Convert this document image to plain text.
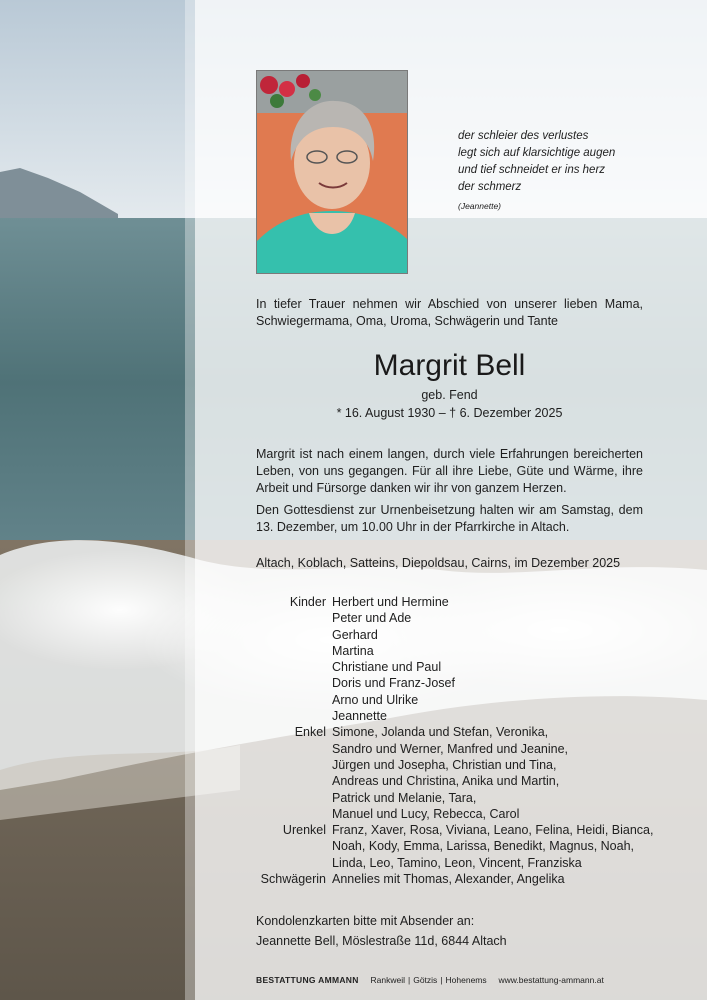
der schleier des verlustes
legt sich auf klarsichtige augen
und tief schneidet er ins herz
der schmerz
(Jeannette)
In tiefer Trauer nehmen wir Abschied von unserer lieben Mama, Schwiegermama, Oma, Uroma, Schwägerin und Tante
Margrit Bell
geb. Fend
* 16. August 1930 – † 6. Dezember 2025
Margrit ist nach einem langen, durch viele Erfahrungen bereicherten Leben, von uns gegangen. Für all ihre Liebe, Güte und Wärme, ihre Arbeit und Fürsorge danken wir ihr von ganzem Herzen.
Den Gottesdienst zur Urnenbeisetzung halten wir am Samstag, dem 13. Dezember, um 10.00 Uhr in der Pfarrkirche in Altach.
Altach, Koblach, Satteins, Diepoldsau, Cairns, im Dezember 2025
Kinder Herbert und Hermine
Peter und Ade
Gerhard
Martina
Christiane und Paul
Doris und Franz-Josef
Arno und Ulrike
Jeannette
Enkel Simone, Jolanda und Stefan, Veronika,
Sandro und Werner, Manfred und Jeanine,
Jürgen und Josepha, Christian und Tina,
Andreas und Christina, Anika und Martin,
Patrick und Melanie, Tara,
Manuel und Lucy, Rebecca, Carol
Urenkel Franz, Xaver, Rosa, Viviana, Leano, Felina, Heidi, Bianca,
Noah, Kody, Emma, Larissa, Benedikt, Magnus, Noah,
Linda, Leo, Tamino, Leon, Vincent, Franziska
Schwägerin Annelies mit Thomas, Alexander, Angelika
Kondolenzkarten bitte mit Absender an:
Jeannette Bell, Möslestraße 11d, 6844 Altach
BESTATTUNG AMMANN Rankweil | Götzis | Hohenems www.bestattung-ammann.at
